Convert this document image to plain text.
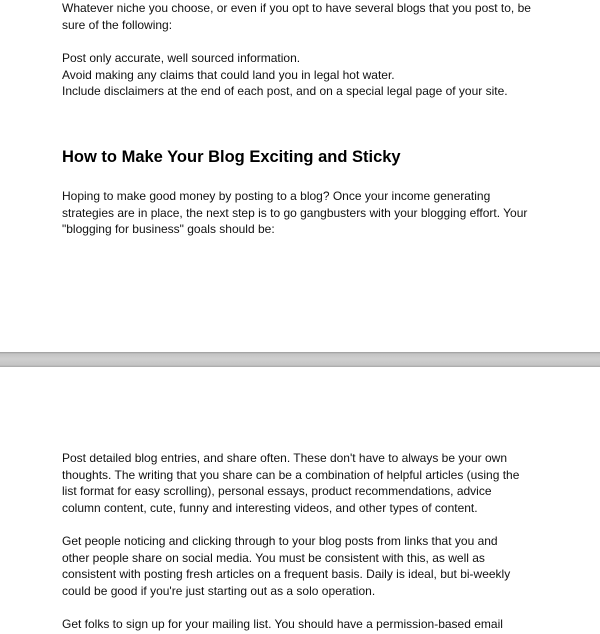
Whatever niche you choose, or even if you opt to have several blogs that you post to, be
sure of the following:

Post only accurate, well sourced information.
Avoid making any claims that could land you in legal hot water.
Include disclaimers at the end of each post, and on a special legal page of your site.

How to Make Your Blog Exciting and Sticky

Hoping to make good money by posting to a blog? Once your income generating
strategies are in place, the next step is to go gangbusters with your blogging effort. Your
"blogging for business" goals should be:

Post detailed blog entries, and share often. These don't have to always be your own
thoughts. The writing that you share can be a combination of helpful articles (using the
list format for easy scrolling), personal essays, product recommendations, advice
column content, cute, funny and interesting videos, and other types of content.

Get people noticing and clicking through to your blog posts from links that you and
other people share on social media. You must be consistent with this, as well as
consistent with posting fresh articles on a frequent basis. Daily is ideal, but bi-weekly
could be good if you're just starting out as a solo operation.

Get folks to sign up for your mailing list. You should have a permission-based email
